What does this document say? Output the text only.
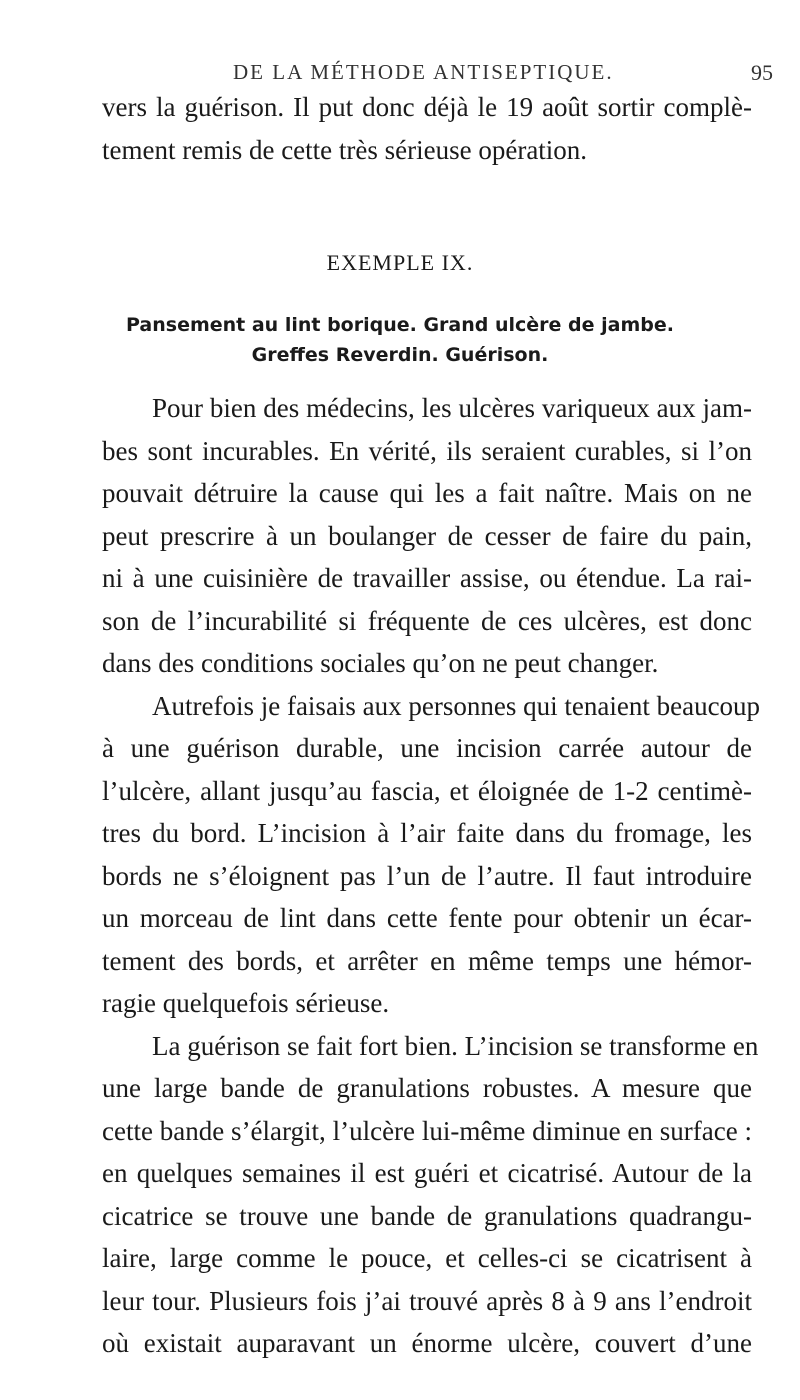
DE LA MÉTHODE ANTISEPTIQUE.	95
vers la guérison. Il put donc déjà le 19 août sortir complè-
tement remis de cette très sérieuse opération.
EXEMPLE IX.
Pansement au lint borique. Grand ulcère de jambe.
Greffes Reverdin. Guérison.
Pour bien des médecins, les ulcères variqueux aux jam-
bes sont incurables. En vérité, ils seraient curables, si l’on
pouvait détruire la cause qui les a fait naître. Mais on ne
peut prescrire à un boulanger de cesser de faire du pain,
ni à une cuisinière de travailler assise, ou étendue. La rai-
son de l’incurabilité si fréquente de ces ulcères, est donc
dans des conditions sociales qu’on ne peut changer.
Autrefois je faisais aux personnes qui tenaient beaucoup
à une guérison durable, une incision carrée autour de
l’ulcère, allant jusqu’au fascia, et éloignée de 1-2 centimè-
tres du bord. L’incision à l’air faite dans du fromage, les
bords ne s’éloignent pas l’un de l’autre. Il faut introduire
un morceau de lint dans cette fente pour obtenir un écar-
tement des bords, et arrêter en même temps une hémor-
ragie quelquefois sérieuse.
La guérison se fait fort bien. L’incision se transforme en
une large bande de granulations robustes. A mesure que
cette bande s’élargit, l’ulcère lui-même diminue en surface :
en quelques semaines il est guéri et cicatrisé. Autour de la
cicatrice se trouve une bande de granulations quadrangu-
laire, large comme le pouce, et celles-ci se cicatrisent à
leur tour. Plusieurs fois j’ai trouvé après 8 à 9 ans l’endroit
où existait auparavant un énorme ulcère, couvert d’une
